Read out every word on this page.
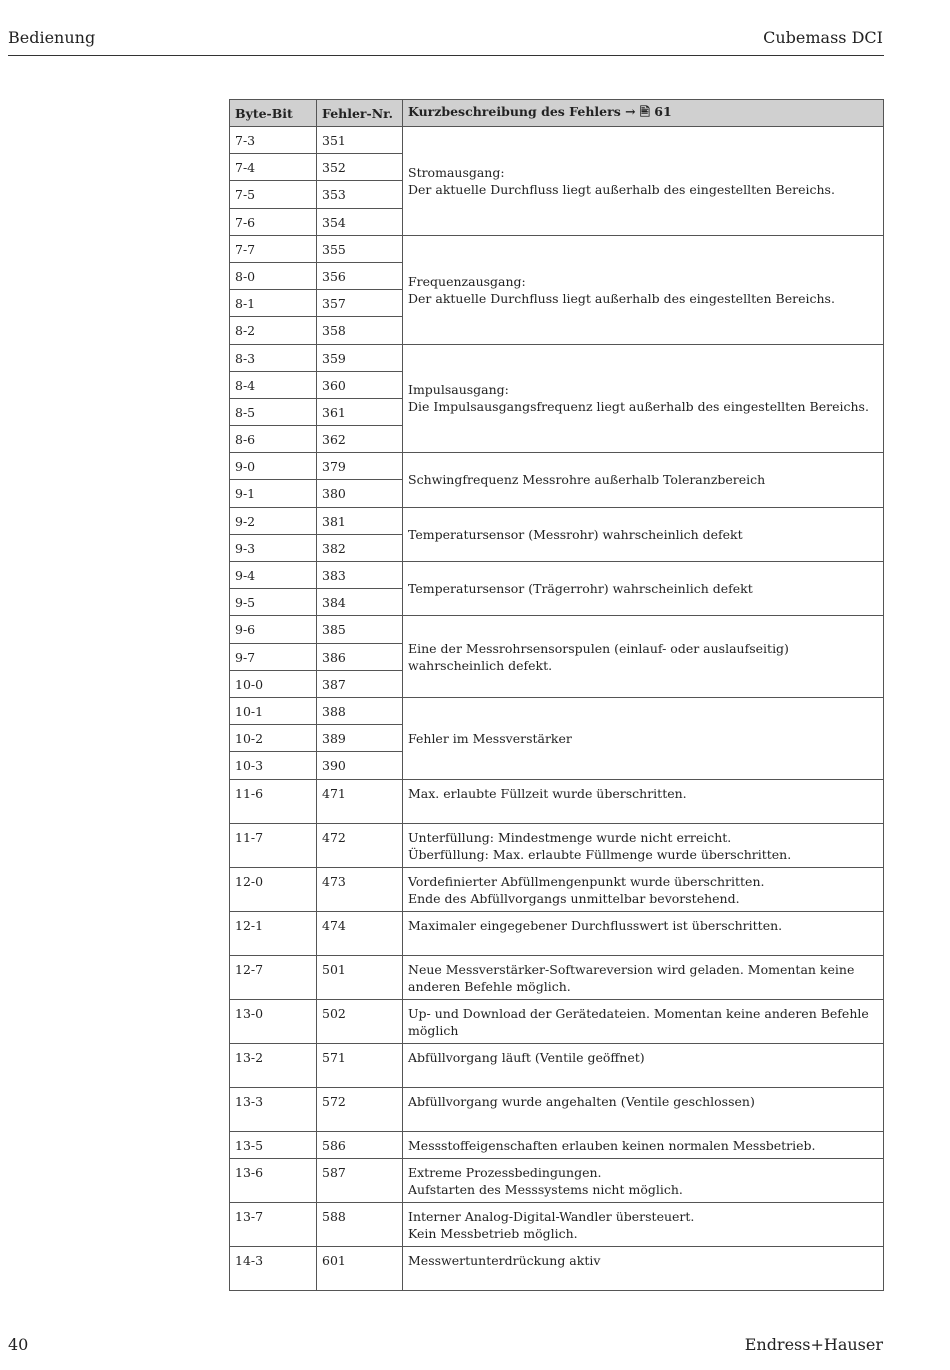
Bedienung	Cubemass DCI
Byte-Bit	Fehler-Nr.	Kurzbeschreibung des Fehlers → 🖹 61
7-3	351	Stromausgang:
Der aktuelle Durchfluss liegt außerhalb des eingestellten Bereichs.

7-4	352	
7-5	353	
7-6	354	
7-7	355	Frequenzausgang:
Der aktuelle Durchfluss liegt außerhalb des eingestellten Bereichs.

8-0	356	
8-1	357	
8-2	358	
8-3	359	Impulsausgang:
Die Impulsausgangsfrequenz liegt außerhalb des eingestellten Bereichs.

8-4	360	
8-5	361	
8-6	362	
9-0	379	Schwingfrequenz Messrohre außerhalb Toleranzbereich

9-1	380	
9-2	381	Temperatursensor (Messrohr) wahrscheinlich defekt

9-3	382	
9-4	383	Temperatursensor (Trägerrohr) wahrscheinlich defekt

9-5	384	
9-6	385	Eine der Messrohrsensorspulen (einlauf- oder auslaufseitig) wahrscheinlich defekt.

9-7	386	
10-0	387	
10-1	388	Fehler im Messverstärker

10-2	389	
10-3	390	
11-6	471	Max. erlaubte Füllzeit wurde überschritten.

11-7	472	Unterfüllung: Mindestmenge wurde nicht erreicht.
Überfüllung: Max. erlaubte Füllmenge wurde überschritten.

12-0	473	Vordefinierter Abfüllmengenpunkt wurde überschritten.
Ende des Abfüllvorgangs unmittelbar bevorstehend.

12-1	474	Maximaler eingegebener Durchflusswert ist überschritten.

12-7	501	Neue Messverstärker-Softwareversion wird geladen. Momentan keine anderen Befehle möglich.

13-0	502	Up- und Download der Gerätedateien. Momentan keine anderen Befehle möglich

13-2	571	Abfüllvorgang läuft (Ventile geöffnet)

13-3	572	Abfüllvorgang wurde angehalten (Ventile geschlossen)

13-5	586	Messstoffeigenschaften erlauben keinen normalen Messbetrieb.

13-6	587	Extreme Prozessbedingungen.
Aufstarten des Messsystems nicht möglich.

13-7	588	Interner Analog-Digital-Wandler übersteuert.
Kein Messbetrieb möglich.

14-3	601	Messwertunterdrückung aktiv
40	Endress+Hauser
